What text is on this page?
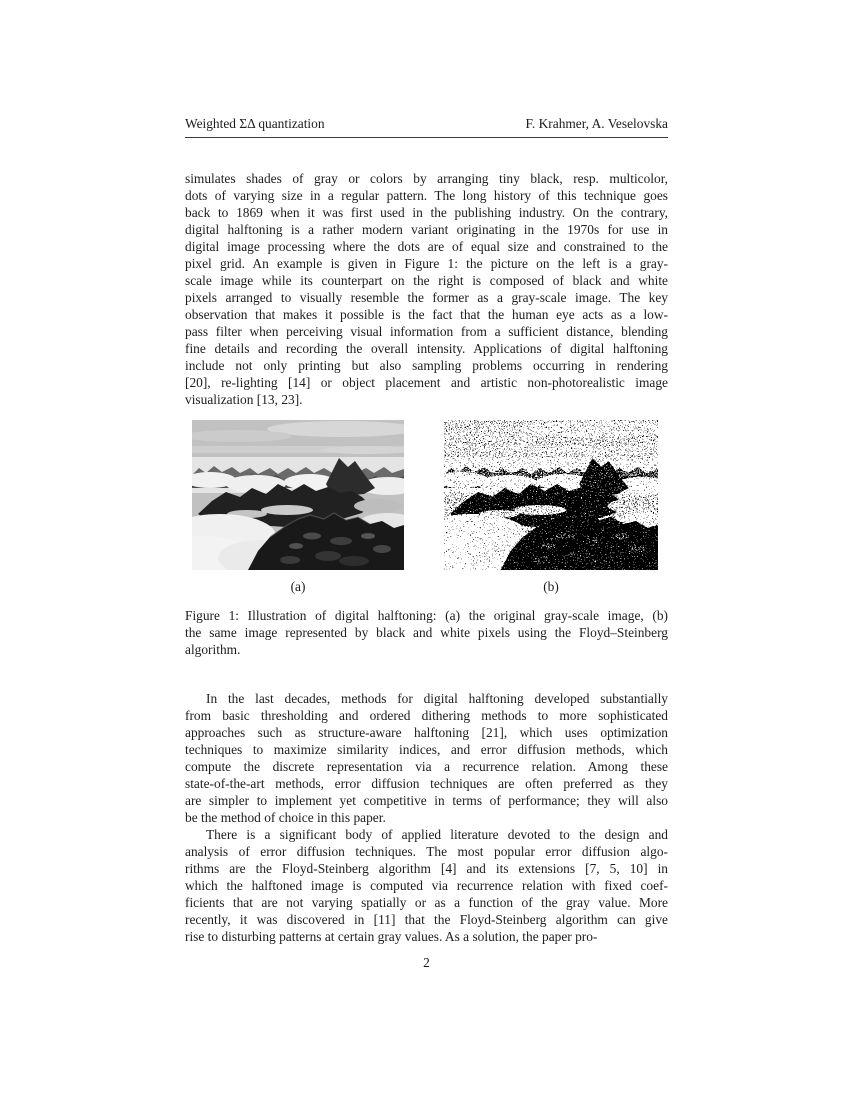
Weighted ΣΔ quantization	F. Krahmer, A. Veselovska
simulates shades of gray or colors by arranging tiny black, resp. multicolor,
dots of varying size in a regular pattern. The long history of this technique goes
back to 1869 when it was first used in the publishing industry. On the contrary,
digital halftoning is a rather modern variant originating in the 1970s for use in
digital image processing where the dots are of equal size and constrained to the
pixel grid. An example is given in Figure 1: the picture on the left is a gray-
scale image while its counterpart on the right is composed of black and white
pixels arranged to visually resemble the former as a gray-scale image. The key
observation that makes it possible is the fact that the human eye acts as a low-
pass filter when perceiving visual information from a sufficient distance, blending
fine details and recording the overall intensity. Applications of digital halftoning
include not only printing but also sampling problems occurring in rendering
[20], re-lighting [14] or object placement and artistic non-photorealistic image
visualization [13, 23].
(a)	(b)
Figure 1: Illustration of digital halftoning: (a) the original gray-scale image, (b)
the same image represented by black and white pixels using the Floyd–Steinberg
algorithm.
In the last decades, methods for digital halftoning developed substantially
from basic thresholding and ordered dithering methods to more sophisticated
approaches such as structure-aware halftoning [21], which uses optimization
techniques to maximize similarity indices, and error diffusion methods, which
compute the discrete representation via a recurrence relation. Among these
state-of-the-art methods, error diffusion techniques are often preferred as they
are simpler to implement yet competitive in terms of performance; they will also
be the method of choice in this paper.
There is a significant body of applied literature devoted to the design and
analysis of error diffusion techniques. The most popular error diffusion algo-
rithms are the Floyd-Steinberg algorithm [4] and its extensions [7, 5, 10] in
which the halftoned image is computed via recurrence relation with fixed coef-
ficients that are not varying spatially or as a function of the gray value. More
recently, it was discovered in [11] that the Floyd-Steinberg algorithm can give
rise to disturbing patterns at certain gray values. As a solution, the paper pro-
2
